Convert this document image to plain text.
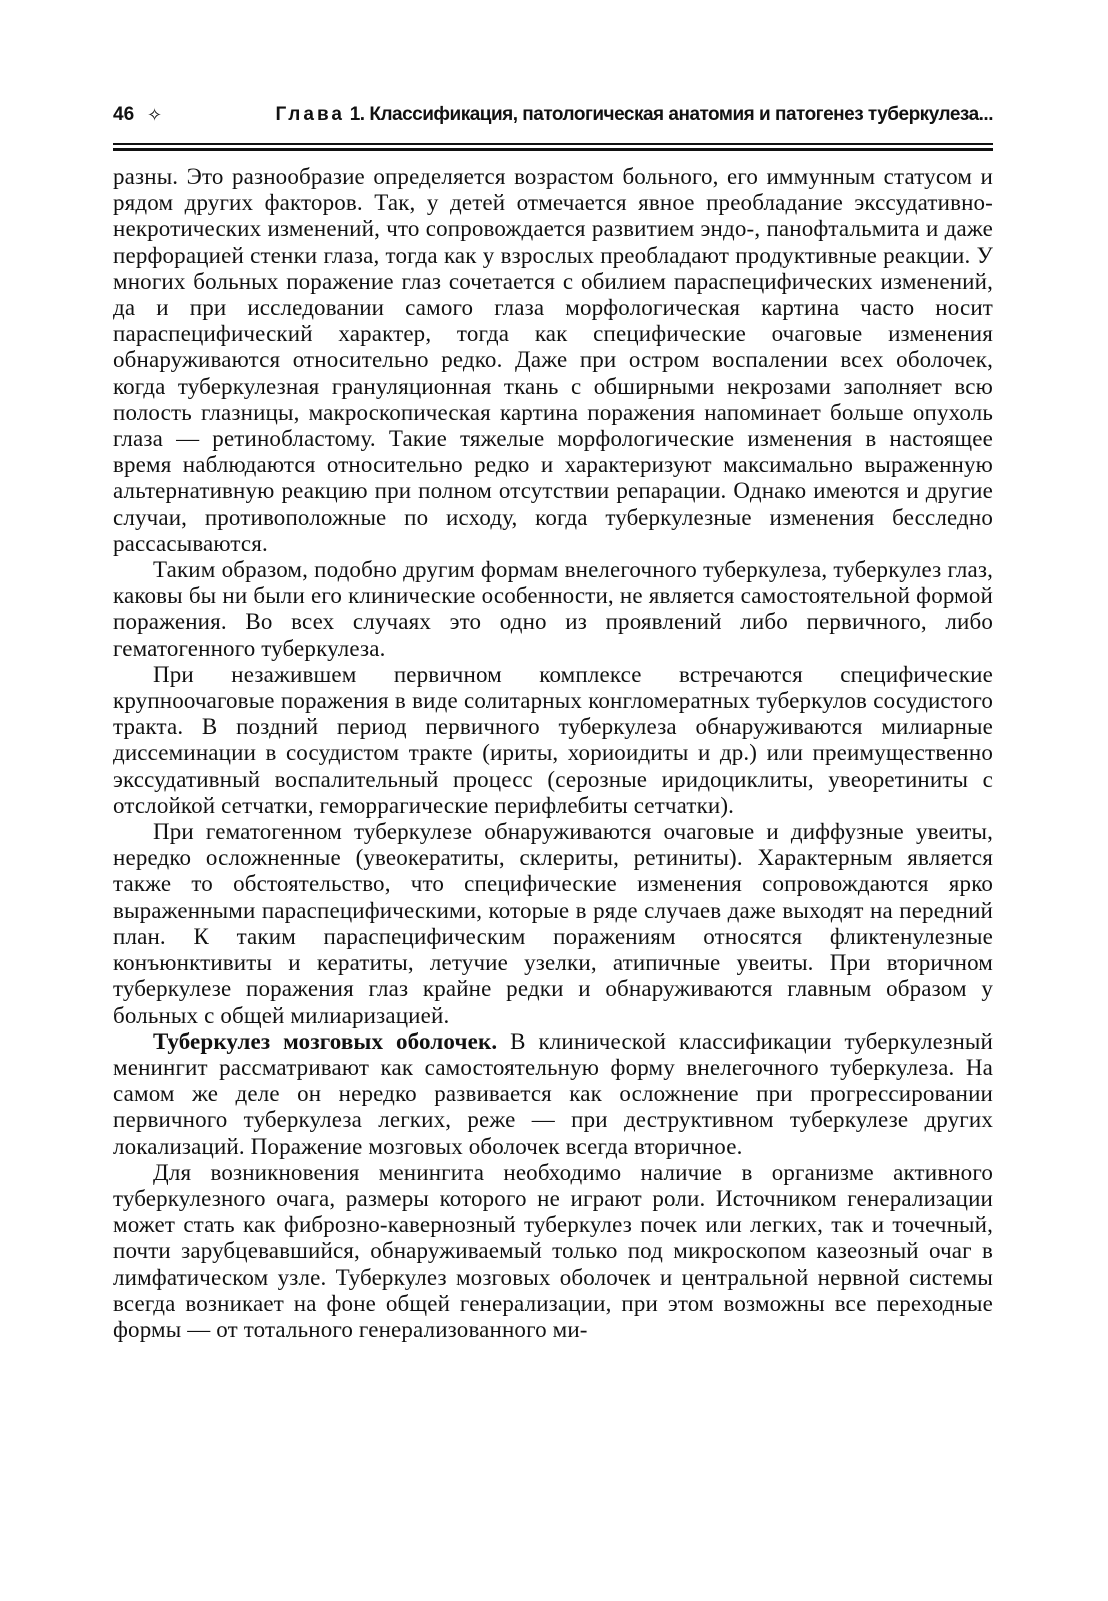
46 ✧	Глава 1. Классификация, патологическая анатомия и патогенез туберкулеза...

разны. Это разнообразие определяется возрастом больного, его иммунным статусом и рядом других факторов. Так, у детей отмечается явное преобладание экссудативно-некротических изменений, что сопровождается развитием эндо-, панофтальмита и даже перфорацией стенки глаза, тогда как у взрослых преобладают продуктивные реакции. У многих больных поражение глаз сочетается с обилием параспецифических изменений, да и при исследовании самого глаза морфологическая картина часто носит параспецифический характер, тогда как специфические очаговые изменения обнаруживаются относительно редко. Даже при остром воспалении всех оболочек, когда туберкулезная грануляционная ткань с обширными некрозами заполняет всю полость глазницы, макроскопическая картина поражения напоминает больше опухоль глаза — ретинобластому. Такие тяжелые морфологические изменения в настоящее время наблюдаются относительно редко и характеризуют максимально выраженную альтернативную реакцию при полном отсутствии репарации. Однако имеются и другие случаи, противоположные по исходу, когда туберкулезные изменения бесследно рассасываются.

Таким образом, подобно другим формам внелегочного туберкулеза, туберкулез глаз, каковы бы ни были его клинические особенности, не является самостоятельной формой поражения. Во всех случаях это одно из проявлений либо первичного, либо гематогенного туберкулеза.

При незажившем первичном комплексе встречаются специфические крупноочаговые поражения в виде солитарных конгломератных туберкулов сосудистого тракта. В поздний период первичного туберкулеза обнаруживаются милиарные диссеминации в сосудистом тракте (ириты, хориоидиты и др.) или преимущественно экссудативный воспалительный процесс (серозные иридоциклиты, увеоретиниты с отслойкой сетчатки, геморрагические перифлебиты сетчатки).

При гематогенном туберкулезе обнаруживаются очаговые и диффузные увеиты, нередко осложненные (увеокератиты, склериты, ретиниты). Характерным является также то обстоятельство, что специфические изменения сопровождаются ярко выраженными параспецифическими, которые в ряде случаев даже выходят на передний план. К таким параспецифическим поражениям относятся фликтенулезные конъюнктивиты и кератиты, летучие узелки, атипичные увеиты. При вторичном туберкулезе поражения глаз крайне редки и обнаруживаются главным образом у больных с общей милиаризацией.

Туберкулез мозговых оболочек. В клинической классификации туберкулезный менингит рассматривают как самостоятельную форму внелегочного туберкулеза. На самом же деле он нередко развивается как осложнение при прогрессировании первичного туберкулеза легких, реже — при деструктивном туберкулезе других локализаций. Поражение мозговых оболочек всегда вторичное.

Для возникновения менингита необходимо наличие в организме активного туберкулезного очага, размеры которого не играют роли. Источником генерализации может стать как фиброзно-кавернозный туберкулез почек или легких, так и точечный, почти зарубцевавшийся, обнаруживаемый только под микроскопом казеозный очаг в лимфатическом узле. Туберкулез мозговых оболочек и центральной нервной системы всегда возникает на фоне общей генерализации, при этом возможны все переходные формы — от тотального генерализованного ми-
